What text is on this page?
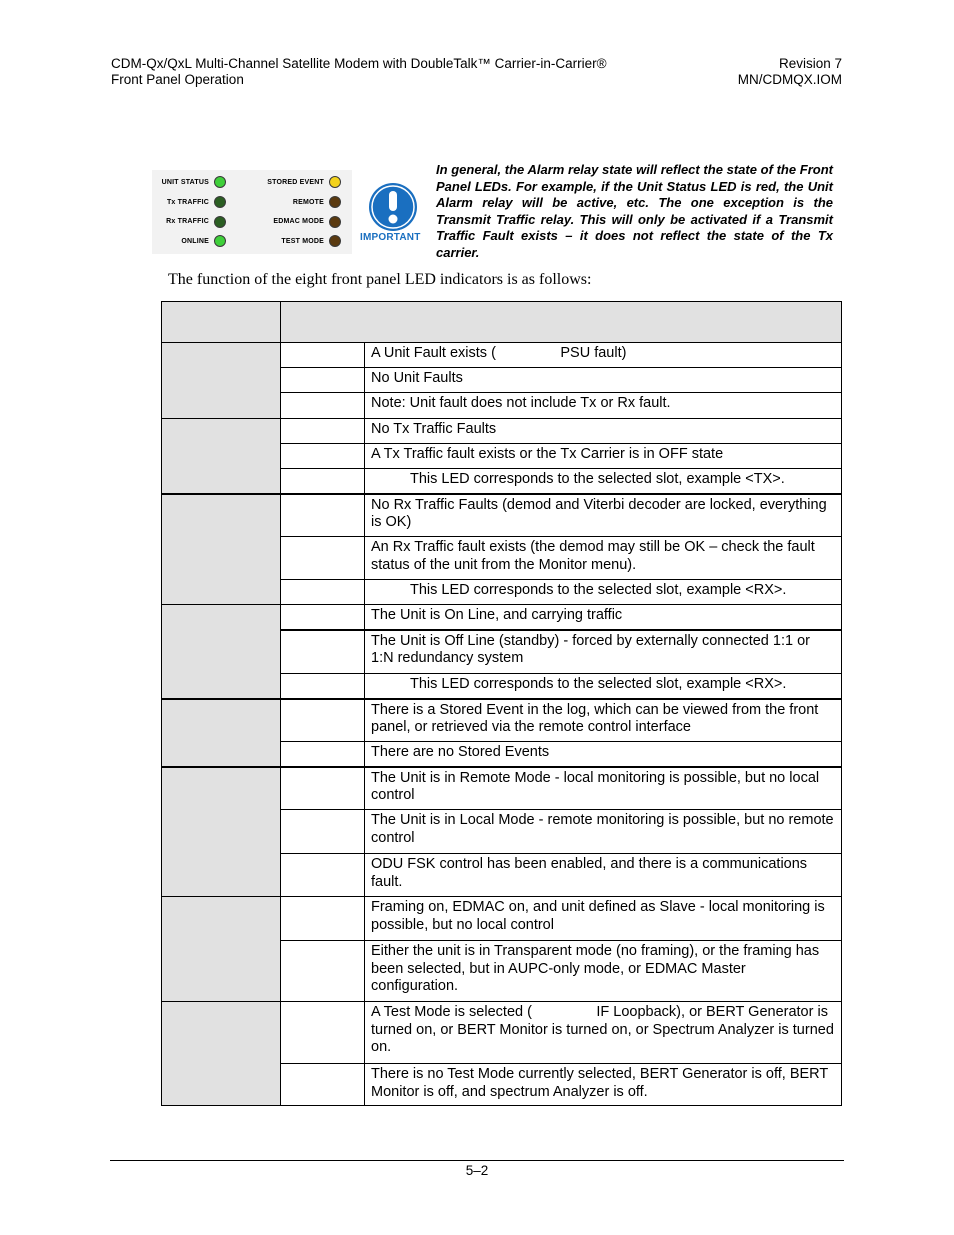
CDM-Qx/QxL Multi-Channel Satellite Modem with DoubleTalk™ Carrier-in-Carrier®
Front Panel Operation
Revision 7
MN/CDMQX.IOM
UNIT STATUS
Tx TRAFFIC
Rx TRAFFIC
ONLINE
STORED EVENT
REMOTE
EDMAC MODE
TEST MODE	IMPORTANT
In general, the Alarm relay state will reflect the state of the Front Panel LEDs. For example, if the Unit Status LED is red, the Unit Alarm relay will be active, etc. The one exception is the Transmit Traffic relay. This will only be activated if a Transmit Traffic Fault exists – it does not reflect the state of the Tx carrier.
The function of the eight front panel LED indicators is as follows:

		A Unit Fault exists (                PSU fault)
		No Unit Faults
		Note: Unit fault does not include Tx or Rx fault.
		No Tx Traffic Faults
		A Tx Traffic fault exists or the Tx Carrier is in OFF state
		This LED corresponds to the selected slot, example <TX>.
		No Rx Traffic Faults (demod and Viterbi decoder are locked, everything is OK)
		An Rx Traffic fault exists (the demod may still be OK – check the fault status of the unit from the Monitor menu).
		This LED corresponds to the selected slot, example <RX>.
		The Unit is On Line, and carrying traffic
		The Unit is Off Line (standby) - forced by externally connected 1:1 or 1:N redundancy system
		This LED corresponds to the selected slot, example <RX>.
		There is a Stored Event in the log, which can be viewed from the front panel, or retrieved via the remote control interface
		There are no Stored Events
		The Unit is in Remote Mode - local monitoring is possible, but no local control
		The Unit is in Local Mode - remote monitoring is possible, but no remote control
		ODU FSK control has been enabled, and there is a communications fault.
		Framing on, EDMAC on, and unit defined as Slave - local monitoring is possible, but no local control
		Either the unit is in Transparent mode (no framing), or the framing has been selected, but in AUPC-only mode, or EDMAC Master configuration.
		A Test Mode is selected (                IF Loopback), or BERT Generator is turned on, or BERT Monitor is turned on, or Spectrum Analyzer is turned on.
		There is no Test Mode currently selected, BERT Generator is off, BERT Monitor is off, and spectrum Analyzer is off.
5–2
